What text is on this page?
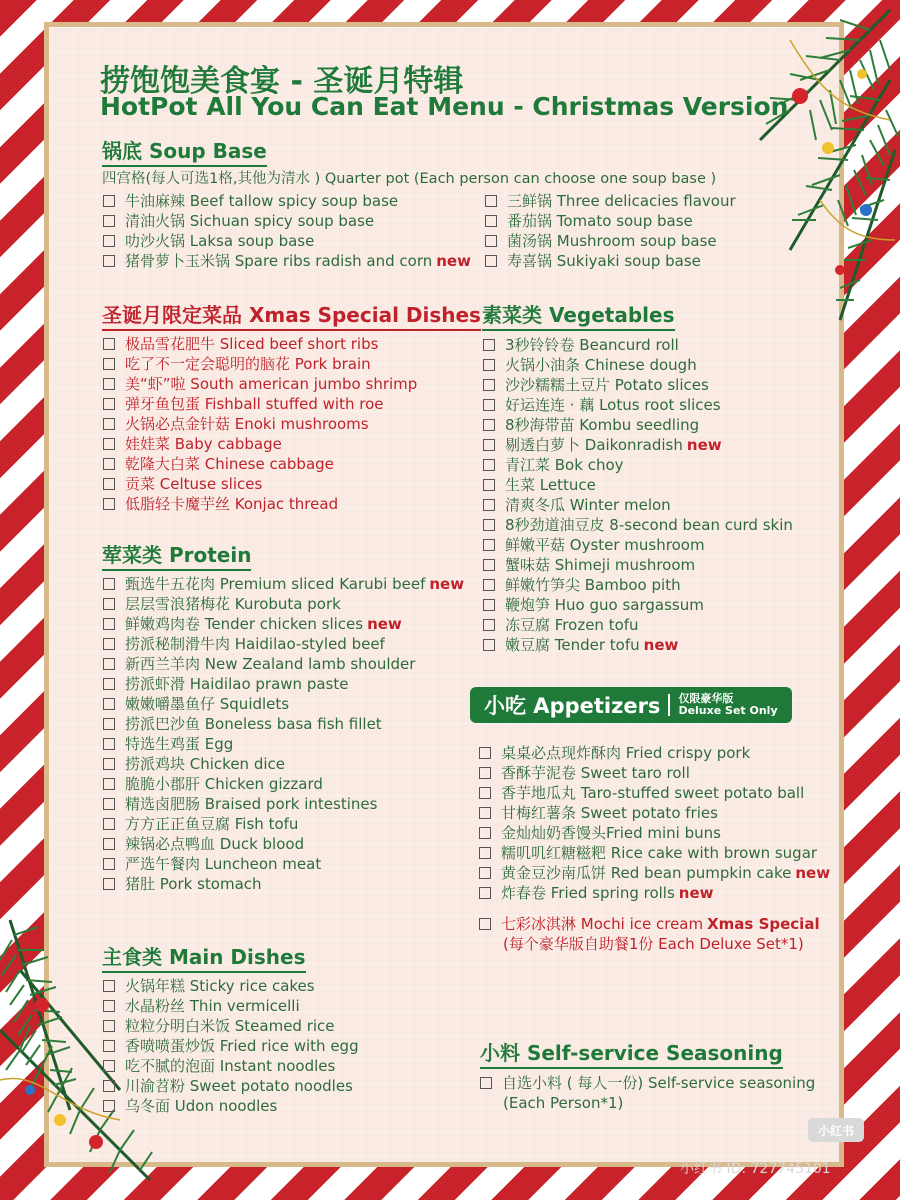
捞饱饱美食宴 - 圣诞月特辑
HotPot All You Can Eat Menu - Christmas Version
锅底 Soup Base
四宫格(每人可选1格,其他为清水 ) Quarter pot (Each person can choose one soup base )
牛油麻辣 Beef tallow spicy soup base
清油火锅 Sichuan spicy soup base
叻沙火锅 Laksa soup base
猪骨萝卜玉米锅 Spare ribs radish and corn new
三鲜锅 Three delicacies flavour
番茄锅 Tomato soup base
菌汤锅 Mushroom soup base
寿喜锅 Sukiyaki soup base
圣诞月限定菜品 Xmas Special Dishes
极品雪花肥牛 Sliced beef short ribs
吃了不一定会聪明的脑花 Pork brain
美“虾”啦 South american jumbo shrimp
弹牙鱼包蛋 Fishball stuffed with roe
火锅必点金针菇 Enoki mushrooms
娃娃菜 Baby cabbage
乾隆大白菜 Chinese cabbage
贡菜 Celtuse slices
低脂轻卡魔芋丝 Konjac thread
荤菜类 Protein
甄选牛五花肉 Premium sliced Karubi beef new
层层雪浪猪梅花 Kurobuta pork
鲜嫩鸡肉卷 Tender chicken slices new
捞派秘制滑牛肉 Haidilao-styled beef
新西兰羊肉 New Zealand lamb shoulder
捞派虾滑 Haidilao prawn paste
嫩嫩嚼墨鱼仔 Squidlets
捞派巴沙鱼 Boneless basa fish fillet
特选生鸡蛋 Egg
捞派鸡块 Chicken dice
脆脆小郡肝 Chicken gizzard
精选卤肥肠 Braised pork intestines
方方正正鱼豆腐 Fish tofu
辣锅必点鸭血 Duck blood
严选午餐肉 Luncheon meat
猪肚 Pork stomach
主食类 Main Dishes
火锅年糕 Sticky rice cakes
水晶粉丝 Thin vermicelli
粒粒分明白米饭 Steamed rice
香喷喷蛋炒饭 Fried rice with egg
吃不腻的泡面 Instant noodles
川渝苕粉 Sweet potato noodles
乌冬面 Udon noodles
素菜类 Vegetables
3秒铃铃卷 Beancurd roll
火锅小油条 Chinese dough
沙沙糯糯土豆片 Potato slices
好运连连 · 藕 Lotus root slices
8秒海带苗 Kombu seedling
剔透白萝卜 Daikonradish new
青江菜 Bok choy
生菜 Lettuce
清爽冬瓜 Winter melon
8秒劲道油豆皮 8-second bean curd skin
鲜嫩平菇 Oyster mushroom
蟹味菇 Shimeji mushroom
鲜嫩竹笋尖 Bamboo pith
鞭炮笋 Huo guo sargassum
冻豆腐 Frozen tofu
嫩豆腐 Tender tofu new
小吃 Appetizers 仅限豪华版
Deluxe Set Only
桌桌必点现炸酥肉 Fried crispy pork
香酥芋泥卷 Sweet taro roll
香芋地瓜丸 Taro-stuffed sweet potato ball
甘梅红薯条 Sweet potato fries
金灿灿奶香馒头Fried mini buns
糯叽叽红糖糍粑 Rice cake with brown sugar
黄金豆沙南瓜饼 Red bean pumpkin cake new
炸春卷 Fried spring rolls new
七彩冰淇淋 Mochi ice cream Xmas Special
(每个豪华版自助餐1份 Each Deluxe Set*1)
小料 Self-service Seasoning
自选小料 ( 每人一份) Self-service seasoning
(Each Person*1)
小红书
小红书 ID: 727745101
